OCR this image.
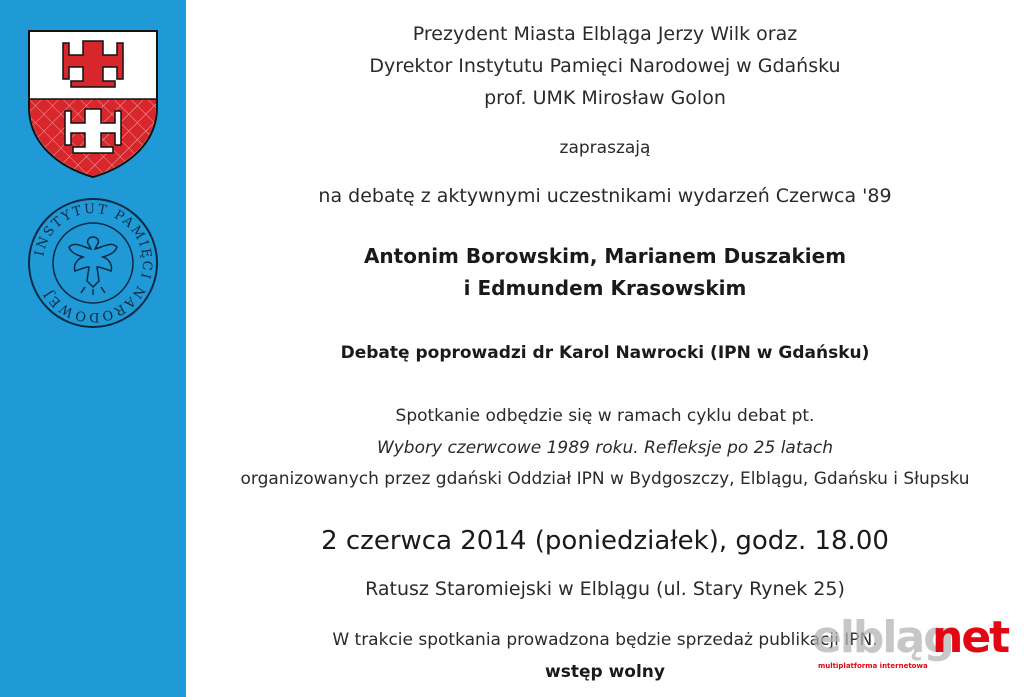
INSTYTUT PAMIĘCI NARODOWEJ
Prezydent Miasta Elbląga Jerzy Wilk oraz
Dyrektor Instytutu Pamięci Narodowej w Gdańsku
prof. UMK Mirosław Golon
zapraszają
na debatę z aktywnymi uczestnikami wydarzeń Czerwca '89
Antonim Borowskim, Marianem Duszakiem
i Edmundem Krasowskim
Debatę poprowadzi dr Karol Nawrocki (IPN w Gdańsku)
Spotkanie odbędzie się w ramach cyklu debat pt.
Wybory czerwcowe 1989 roku. Refleksje po 25 latach
organizowanych przez gdański Oddział IPN w Bydgoszczy, Elblągu, Gdańsku i Słupsku
2 czerwca 2014 (poniedziałek), godz. 18.00
Ratusz Staromiejski w Elblągu (ul. Stary Rynek 25)
W trakcie spotkania prowadzona będzie sprzedaż publikacji IPN.
wstęp wolny
elbląg
net
multiplatforma internetowa
